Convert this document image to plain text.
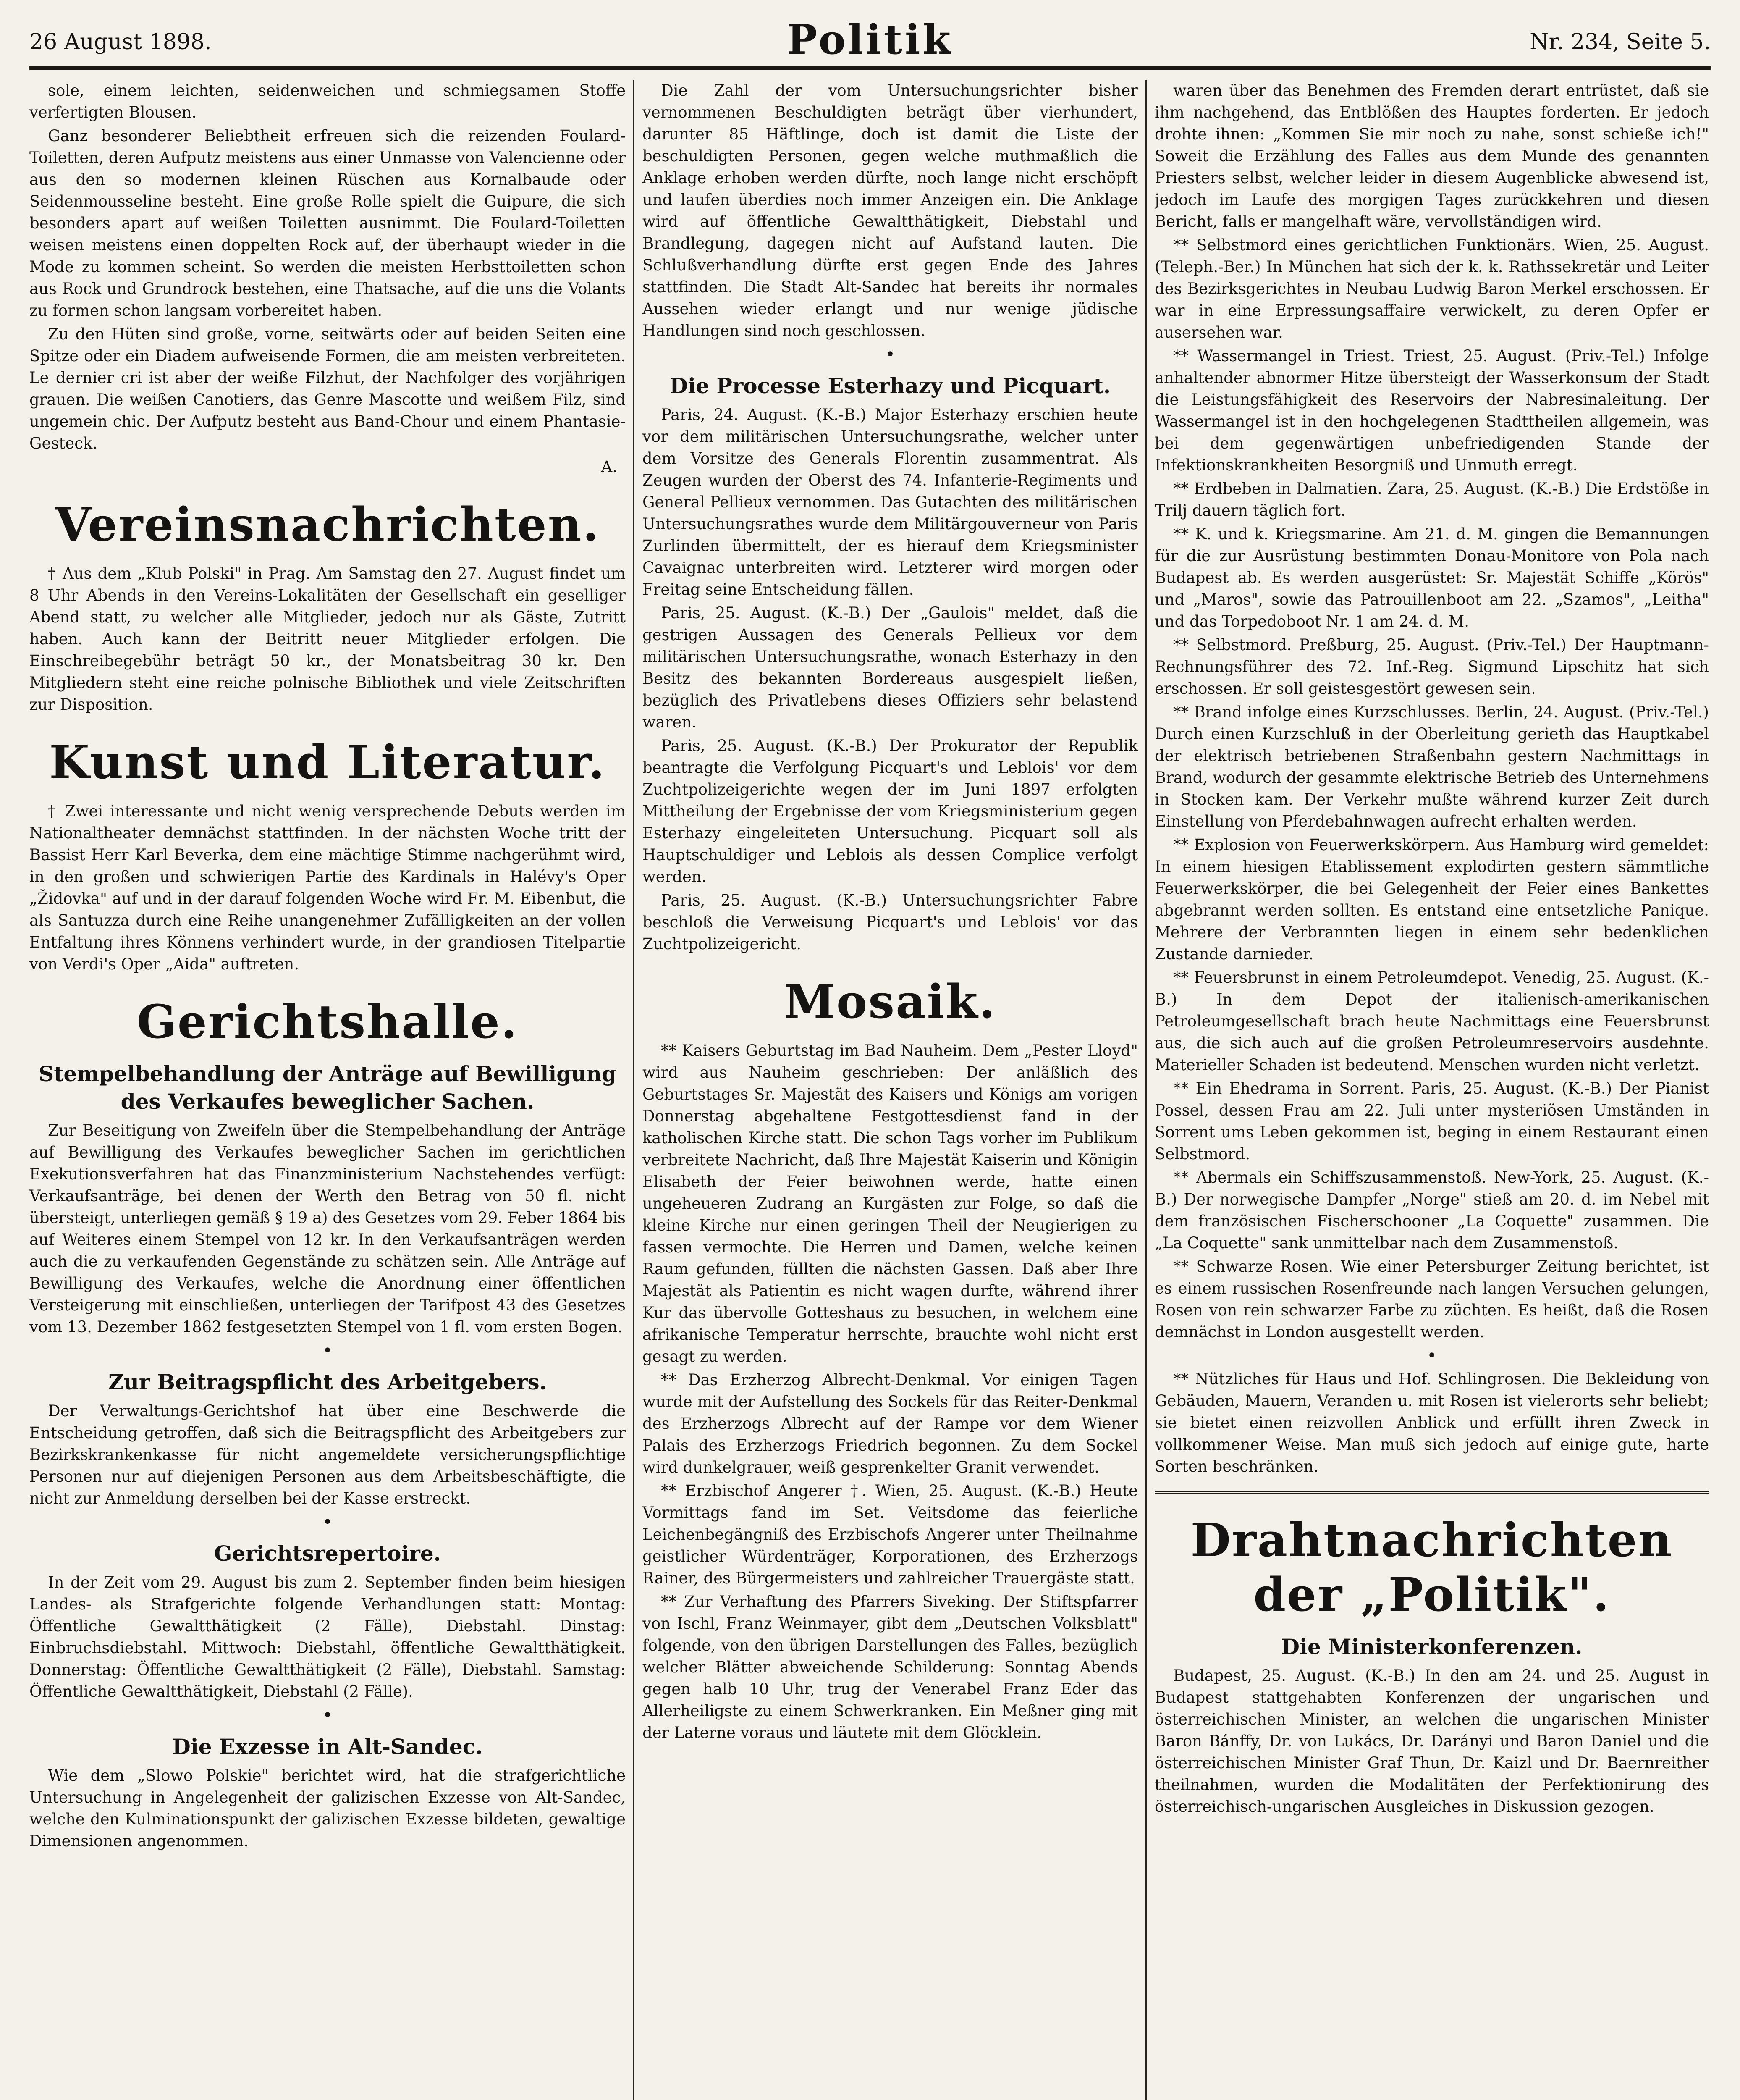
26 August 1898.	Politik	Nr. 234, Seite 5.

sole, einem leichten, seidenweichen und schmiegsamen Stoffe verfertigten Blousen.

Ganz besonderer Beliebtheit erfreuen sich die reizenden Foulard-Toiletten, deren Aufputz meistens aus einer Unmasse von Valencienne oder aus den so modernen kleinen Rüschen aus Kornalbaude oder Seidenmousseline besteht. Eine große Rolle spielt die Guipure, die sich besonders apart auf weißen Toiletten ausnimmt. Die Foulard-Toiletten weisen meistens einen doppelten Rock auf, der überhaupt wieder in die Mode zu kommen scheint. So werden die meisten Herbsttoiletten schon aus Rock und Grundrock bestehen, eine Thatsache, auf die uns die Volants zu formen schon langsam vorbereitet haben.

Zu den Hüten sind große, vorne, seitwärts oder auf beiden Seiten eine Spitze oder ein Diadem aufweisende Formen, die am meisten verbreiteten. Le dernier cri ist aber der weiße Filzhut, der Nachfolger des vorjährigen grauen. Die weißen Canotiers, das Genre Mascotte und weißem Filz, sind ungemein chic. Der Aufputz besteht aus Band-Chour und einem Phantasie-Gesteck.

A.
Vereinsnachrichten.

† Aus dem „Klub Polski" in Prag. Am Samstag den 27. August findet um 8 Uhr Abends in den Vereins-Lokalitäten der Gesellschaft ein geselliger Abend statt, zu welcher alle Mitglieder, jedoch nur als Gäste, Zutritt haben. Auch kann der Beitritt neuer Mitglieder erfolgen. Die Einschreibegebühr beträgt 50 kr., der Monatsbeitrag 30 kr. Den Mitgliedern steht eine reiche polnische Bibliothek und viele Zeitschriften zur Disposition.

Kunst und Literatur.

† Zwei interessante und nicht wenig versprechende Debuts werden im Nationaltheater demnächst stattfinden. In der nächsten Woche tritt der Bassist Herr Karl Beverka, dem eine mächtige Stimme nachgerühmt wird, in den großen und schwierigen Partie des Kardinals in Halévy's Oper „Židovka" auf und in der darauf folgenden Woche wird Fr. M. Eibenbut, die als Santuzza durch eine Reihe unangenehmer Zufälligkeiten an der vollen Entfaltung ihres Könnens verhindert wurde, in der grandiosen Titelpartie von Verdi's Oper „Aida" auftreten.

Gerichtshalle.
Stempelbehandlung der Anträge auf Bewilligung des Verkaufes beweglicher Sachen.

Zur Beseitigung von Zweifeln über die Stempelbehandlung der Anträge auf Bewilligung des Verkaufes beweglicher Sachen im gerichtlichen Exekutionsverfahren hat das Finanzministerium Nachstehendes verfügt: Verkaufsanträge, bei denen der Werth den Betrag von 50 fl. nicht übersteigt, unterliegen gemäß § 19 a) des Gesetzes vom 29. Feber 1864 bis auf Weiteres einem Stempel von 12 kr. In den Verkaufsanträgen werden auch die zu verkaufenden Gegenstände zu schätzen sein. Alle Anträge auf Bewilligung des Verkaufes, welche die Anordnung einer öffentlichen Versteigerung mit einschließen, unterliegen der Tarifpost 43 des Gesetzes vom 13. Dezember 1862 festgesetzten Stempel von 1 fl. vom ersten Bogen.

•
Zur Beitragspflicht des Arbeitgebers.

Der Verwaltungs-Gerichtshof hat über eine Beschwerde die Entscheidung getroffen, daß sich die Beitragspflicht des Arbeitgebers zur Bezirkskrankenkasse für nicht angemeldete versicherungspflichtige Personen nur auf diejenigen Personen aus dem Arbeitsbeschäftigte, die nicht zur Anmeldung derselben bei der Kasse erstreckt.

•
Gerichtsrepertoire.

In der Zeit vom 29. August bis zum 2. September finden beim hiesigen Landes- als Strafgerichte folgende Verhandlungen statt: Montag: Öffentliche Gewaltthätigkeit (2 Fälle), Diebstahl. Dinstag: Einbruchsdiebstahl. Mittwoch: Diebstahl, öffentliche Gewaltthätigkeit. Donnerstag: Öffentliche Gewaltthätigkeit (2 Fälle), Diebstahl. Samstag: Öffentliche Gewaltthätigkeit, Diebstahl (2 Fälle).

•
Die Exzesse in Alt-Sandec.

Wie dem „Slowo Polskie" berichtet wird, hat die strafgerichtliche Untersuchung in Angelegenheit der galizischen Exzesse von Alt-Sandec, welche den Kulminationspunkt der galizischen Exzesse bildeten, gewaltige Dimensionen angenommen.

Die Zahl der vom Untersuchungsrichter bisher vernommenen Beschuldigten beträgt über vierhundert, darunter 85 Häftlinge, doch ist damit die Liste der beschuldigten Personen, gegen welche muthmaßlich die Anklage erhoben werden dürfte, noch lange nicht erschöpft und laufen überdies noch immer Anzeigen ein. Die Anklage wird auf öffentliche Gewaltthätigkeit, Diebstahl und Brandlegung, dagegen nicht auf Aufstand lauten. Die Schlußverhandlung dürfte erst gegen Ende des Jahres stattfinden. Die Stadt Alt-Sandec hat bereits ihr normales Aussehen wieder erlangt und nur wenige jüdische Handlungen sind noch geschlossen.

•
Die Processe Esterhazy und Picquart.

Paris, 24. August. (K.-B.) Major Esterhazy erschien heute vor dem militärischen Untersuchungsrathe, welcher unter dem Vorsitze des Generals Florentin zusammentrat. Als Zeugen wurden der Oberst des 74. Infanterie-Regiments und General Pellieux vernommen. Das Gutachten des militärischen Untersuchungsrathes wurde dem Militärgouverneur von Paris Zurlinden übermittelt, der es hierauf dem Kriegsminister Cavaignac unterbreiten wird. Letzterer wird morgen oder Freitag seine Entscheidung fällen.

Paris, 25. August. (K.-B.) Der „Gaulois" meldet, daß die gestrigen Aussagen des Generals Pellieux vor dem militärischen Untersuchungsrathe, wonach Esterhazy in den Besitz des bekannten Bordereaus ausgespielt ließen, bezüglich des Privatlebens dieses Offiziers sehr belastend waren.

Paris, 25. August. (K.-B.) Der Prokurator der Republik beantragte die Verfolgung Picquart's und Leblois' vor dem Zuchtpolizeigerichte wegen der im Juni 1897 erfolgten Mittheilung der Ergebnisse der vom Kriegsministerium gegen Esterhazy eingeleiteten Untersuchung. Picquart soll als Hauptschuldiger und Leblois als dessen Complice verfolgt werden.

Paris, 25. August. (K.-B.) Untersuchungsrichter Fabre beschloß die Verweisung Picquart's und Leblois' vor das Zuchtpolizeigericht.

Mosaik.

** Kaisers Geburtstag im Bad Nauheim. Dem „Pester Lloyd" wird aus Nauheim geschrieben: Der anläßlich des Geburtstages Sr. Majestät des Kaisers und Königs am vorigen Donnerstag abgehaltene Festgottesdienst fand in der katholischen Kirche statt. Die schon Tags vorher im Publikum verbreitete Nachricht, daß Ihre Majestät Kaiserin und Königin Elisabeth der Feier beiwohnen werde, hatte einen ungeheueren Zudrang an Kurgästen zur Folge, so daß die kleine Kirche nur einen geringen Theil der Neugierigen zu fassen vermochte. Die Herren und Damen, welche keinen Raum gefunden, füllten die nächsten Gassen. Daß aber Ihre Majestät als Patientin es nicht wagen durfte, während ihrer Kur das übervolle Gotteshaus zu besuchen, in welchem eine afrikanische Temperatur herrschte, brauchte wohl nicht erst gesagt zu werden.

** Das Erzherzog Albrecht-Denkmal. Vor einigen Tagen wurde mit der Aufstellung des Sockels für das Reiter-Denkmal des Erzherzogs Albrecht auf der Rampe vor dem Wiener Palais des Erzherzogs Friedrich begonnen. Zu dem Sockel wird dunkelgrauer, weiß gesprenkelter Granit verwendet.

** Erzbischof Angerer †. Wien, 25. August. (K.-B.) Heute Vormittags fand im Set. Veitsdome das feierliche Leichenbegängniß des Erzbischofs Angerer unter Theilnahme geistlicher Würdenträger, Korporationen, des Erzherzogs Rainer, des Bürgermeisters und zahlreicher Trauergäste statt.

** Zur Verhaftung des Pfarrers Siveking. Der Stiftspfarrer von Ischl, Franz Weinmayer, gibt dem „Deutschen Volksblatt" folgende, von den übrigen Darstellungen des Falles, bezüglich welcher Blätter abweichende Schilderung: Sonntag Abends gegen halb 10 Uhr, trug der Venerabel Franz Eder das Allerheiligste zu einem Schwerkranken. Ein Meßner ging mit der Laterne voraus und läutete mit dem Glöcklein.

waren über das Benehmen des Fremden derart entrüstet, daß sie ihm nachgehend, das Entblößen des Hauptes forderten. Er jedoch drohte ihnen: „Kommen Sie mir noch zu nahe, sonst schieße ich!" Soweit die Erzählung des Falles aus dem Munde des genannten Priesters selbst, welcher leider in diesem Augenblicke abwesend ist, jedoch im Laufe des morgigen Tages zurückkehren und diesen Bericht, falls er mangelhaft wäre, vervollständigen wird.

** Selbstmord eines gerichtlichen Funktionärs. Wien, 25. August. (Teleph.-Ber.) In München hat sich der k. k. Rathssekretär und Leiter des Bezirksgerichtes in Neubau Ludwig Baron Merkel erschossen. Er war in eine Erpressungsaffaire verwickelt, zu deren Opfer er ausersehen war.

** Wassermangel in Triest. Triest, 25. August. (Priv.-Tel.) Infolge anhaltender abnormer Hitze übersteigt der Wasserkonsum der Stadt die Leistungsfähigkeit des Reservoirs der Nabresinaleitung. Der Wassermangel ist in den hochgelegenen Stadttheilen allgemein, was bei dem gegenwärtigen unbefriedigenden Stande der Infektionskrankheiten Besorgniß und Unmuth erregt.

** Erdbeben in Dalmatien. Zara, 25. August. (K.-B.) Die Erdstöße in Trilj dauern täglich fort.

** K. und k. Kriegsmarine. Am 21. d. M. gingen die Bemannungen für die zur Ausrüstung bestimmten Donau-Monitore von Pola nach Budapest ab. Es werden ausgerüstet: Sr. Majestät Schiffe „Körös" und „Maros", sowie das Patrouillenboot am 22. „Szamos", „Leitha" und das Torpedoboot Nr. 1 am 24. d. M.

** Selbstmord. Preßburg, 25. August. (Priv.-Tel.) Der Hauptmann-Rechnungsführer des 72. Inf.-Reg. Sigmund Lipschitz hat sich erschossen. Er soll geistesgestört gewesen sein.

** Brand infolge eines Kurzschlusses. Berlin, 24. August. (Priv.-Tel.) Durch einen Kurzschluß in der Oberleitung gerieth das Hauptkabel der elektrisch betriebenen Straßenbahn gestern Nachmittags in Brand, wodurch der gesammte elektrische Betrieb des Unternehmens in Stocken kam. Der Verkehr mußte während kurzer Zeit durch Einstellung von Pferdebahnwagen aufrecht erhalten werden.

** Explosion von Feuerwerkskörpern. Aus Hamburg wird gemeldet: In einem hiesigen Etablissement explodirten gestern sämmtliche Feuerwerkskörper, die bei Gelegenheit der Feier eines Bankettes abgebrannt werden sollten. Es entstand eine entsetzliche Panique. Mehrere der Verbrannten liegen in einem sehr bedenklichen Zustande darnieder.

** Feuersbrunst in einem Petroleumdepot. Venedig, 25. August. (K.-B.) In dem Depot der italienisch-amerikanischen Petroleumgesellschaft brach heute Nachmittags eine Feuersbrunst aus, die sich auch auf die großen Petroleumreservoirs ausdehnte. Materieller Schaden ist bedeutend. Menschen wurden nicht verletzt.

** Ein Ehedrama in Sorrent. Paris, 25. August. (K.-B.) Der Pianist Possel, dessen Frau am 22. Juli unter mysteriösen Umständen in Sorrent ums Leben gekommen ist, beging in einem Restaurant einen Selbstmord.

** Abermals ein Schiffszusammenstoß. New-York, 25. August. (K.-B.) Der norwegische Dampfer „Norge" stieß am 20. d. im Nebel mit dem französischen Fischerschooner „La Coquette" zusammen. Die „La Coquette" sank unmittelbar nach dem Zusammenstoß.

** Schwarze Rosen. Wie einer Petersburger Zeitung berichtet, ist es einem russischen Rosenfreunde nach langen Versuchen gelungen, Rosen von rein schwarzer Farbe zu züchten. Es heißt, daß die Rosen demnächst in London ausgestellt werden.

•

** Nützliches für Haus und Hof. Schlingrosen. Die Bekleidung von Gebäuden, Mauern, Veranden u. mit Rosen ist vielerorts sehr beliebt; sie bietet einen reizvollen Anblick und erfüllt ihren Zweck in vollkommener Weise. Man muß sich jedoch auf einige gute, harte Sorten beschränken.

Drahtnachrichten der „Politik".
Die Ministerkonferenzen.

Budapest, 25. August. (K.-B.) In den am 24. und 25. August in Budapest stattgehabten Konferenzen der ungarischen und österreichischen Minister, an welchen die ungarischen Minister Baron Bánffy, Dr. von Lukács, Dr. Darányi und Baron Daniel und die österreichischen Minister Graf Thun, Dr. Kaizl und Dr. Baernreither theilnahmen, wurden die Modalitäten der Perfektionirung des österreichisch-ungarischen Ausgleiches in Diskussion gezogen.
